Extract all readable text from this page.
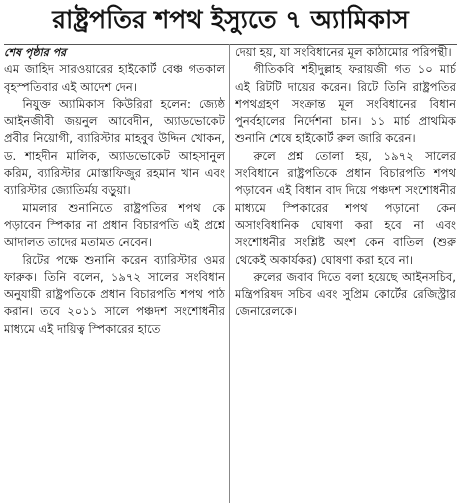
রাষ্ট্রপতির শপথ ইস্যুতে ৭ অ্যামিকাস

শেষ পৃষ্ঠার পর

এম জাহিদ সারওয়ারের হাইকোর্ট বেঞ্চ গতকাল বৃহস্পতিবার এই আদেশ দেন।

নিযুক্ত অ্যামিকাস কিউরিরা হলেন: জ্যেষ্ঠ আইনজীবী জয়নুল আবেদীন, অ্যাডভোকেট প্রবীর নিয়োগী, ব্যারিস্টার মাহবুব উদ্দিন খোকন, ড. শাহদীন মালিক, অ্যাডভোকেট আহসানুল করিম, ব্যারিস্টার মোস্তাফিজুর রহমান খান এবং ব্যারিস্টার জ্যোতির্ময় বড়ুয়া।

মামলার শুনানিতে রাষ্ট্রপতির শপথ কে পড়াবেন স্পিকার না প্রধান বিচারপতি এই প্রশ্নে আদালত তাদের মতামত নেবেন।

রিটের পক্ষে শুনানি করেন ব্যারিস্টার ওমর ফারুক। তিনি বলেন, ১৯৭২ সালের সংবিধান অনুযায়ী রাষ্ট্রপতিকে প্রধান বিচারপতি শপথ পাঠ করান। তবে ২০১১ সালে পঞ্চদশ সংশোধনীর মাধ্যমে এই দায়িত্ব স্পিকারের হাতে

দেয়া হয়, যা সংবিধানের মূল কাঠামোর পরিপন্থী।

গীতিকবি শহীদুল্লাহ ফরায়জী গত ১০ মার্চ এই রিটটি দায়ের করেন। রিটে তিনি রাষ্ট্রপতির শপথগ্রহণ সংক্রান্ত মূল সংবিধানের বিধান পুনর্বহালের নির্দেশনা চান। ১১ মার্চ প্রাথমিক শুনানি শেষে হাইকোর্ট রুল জারি করেন।

রুলে প্রশ্ন তোলা হয়, ১৯৭২ সালের সংবিধানে রাষ্ট্রপতিকে প্রধান বিচারপতি শপথ পড়াবেন এই বিধান বাদ দিয়ে পঞ্চদশ সংশোধনীর মাধ্যমে স্পিকারের শপথ পড়ানো কেন অসাংবিধানিক ঘোষণা করা হবে না এবং সংশোধনীর সংশ্লিষ্ট অংশ কেন বাতিল (শুরু থেকেই অকার্যকর) ঘোষণা করা হবে না।

রুলের জবাব দিতে বলা হয়েছে আইনসচিব, মন্ত্রিপরিষদ সচিব এবং সুপ্রিম কোর্টের রেজিস্ট্রার জেনারেলকে।
